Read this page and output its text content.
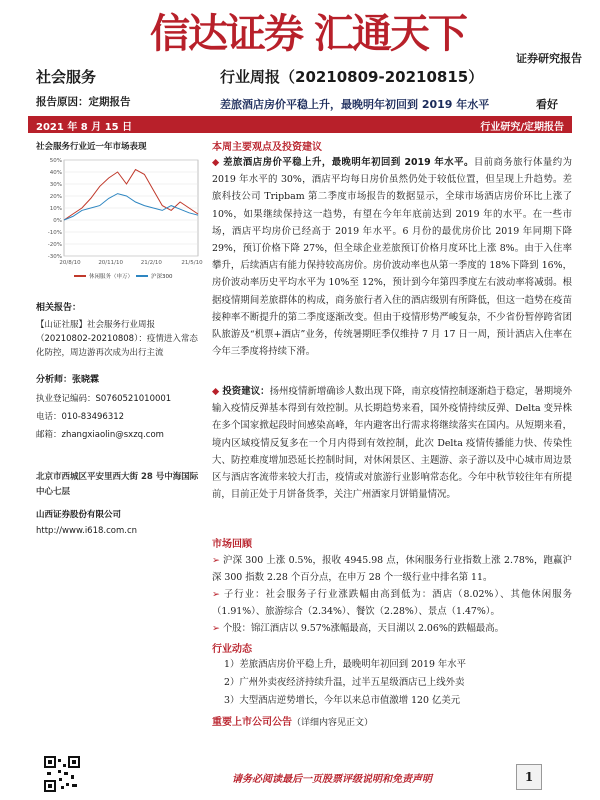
信达证券 汇通天下
证券研究报告
社会服务	行业周报（20210809-20210815）
报告原因：定期报告	差旅酒店房价平稳上升，最晚明年初回到 2019 年水平	看好
2021 年 8 月 15 日	行业研究/定期报告
社会服务行业近一年市场表现
50%
40%
30%
20%
10%
0%
-10%
-20%
-30%
20/8/10	20/11/10	21/2/10	21/5/10
休闲服务（申万）	沪深300
相关报告：
【山证社服】社会服务行业周报（20210802-20210808）：疫情进入常态化防控，周边游再次成为出行主流
分析师：张晓霖
执业登记编码：S0760521010001
电话：010-83496312
邮箱：zhangxiaolin@sxzq.com
北京市西城区平安里西大街 28 号中海国际中心七层
山西证券股份有限公司
http://www.i618.com.cn
本周主要观点及投资建议
◆ 差旅酒店房价平稳上升，最晚明年初回到 2019 年水平。目前商务旅行体量约为 2019 年水平的 30%，酒店平均每日房价虽然仍处于较低位置，但呈现上升趋势。差旅科技公司 Tripbam 第二季度市场报告的数据显示，全球市场酒店房价环比上涨了 10%，如果继续保持这一趋势，有望在今年年底前达到 2019 年的水平。在一些市场，酒店平均房价已经高于 2019 年水平。6 月份的最优房价比 2019 年同期下降 29%，预订价格下降 27%，但全球企业差旅预订价格月度环比上涨 8%。由于入住率攀升，后续酒店有能力保持较高房价。房价波动率也从第一季度的 18%下降到 16%，房价波动率历史平均水平为 10%至 12%，预计到今年第四季度左右波动率将减弱。根据疫情期间差旅群体的构成，商务旅行者入住的酒店级别有所降低，但这一趋势在疫苗接种率不断提升的第二季度逐渐改变。但由于疫情形势严峻复杂，不少省份暂停跨省团队旅游及“机票+酒店”业务，传统暑期旺季仅维持 7 月 17 日一周，预计酒店入住率在今年三季度将持续下滑。
◆ 投资建议：扬州疫情新增确诊人数出现下降，南京疫情控制逐渐趋于稳定，暑期境外输入疫情反弹基本得到有效控制。从长期趋势来看，国外疫情持续反弹、Delta 变异株在多个国家掀起段时间感染高峰，年内避客出行需求将继续落实在国内。从短期来看，境内区域疫情反复多在一个月内得到有效控制，此次 Delta 疫情传播能力快、传染性大、防控难度增加恐延长控制时间，对休闲景区、主题游、亲子游以及中心城市周边景区与酒店客流带来较大打击，疫情或对旅游行业影响常态化。今年中秋节较往年有所提前，目前正处于月饼备货季，关注广州酒家月饼销量情况。
市场回顾
➢ 沪深 300 上涨 0.5%，报收 4945.98 点，休闲服务行业指数上涨 2.78%，跑赢沪深 300 指数 2.28 个百分点，在申万 28 个一级行业中排名第 11。
➢ 子行业：社会服务子行业涨跌幅由高到低为：酒店（8.02%）、其他休闲服务（1.91%）、旅游综合（2.34%）、餐饮（2.28%）、景点（1.47%）。
➢ 个股：锦江酒店以 9.57%涨幅最高，天目湖以 2.06%的跌幅最高。
行业动态
1）差旅酒店房价平稳上升，最晚明年初回到 2019 年水平
2）广州外卖夜经济持续升温，过半五星级酒店已上线外卖
3）大型酒店逆势增长，今年以来总市值激增 120 亿美元
重要上市公司公告（详细内容见正文）
请务必阅读最后一页股票评级说明和免责声明	1
